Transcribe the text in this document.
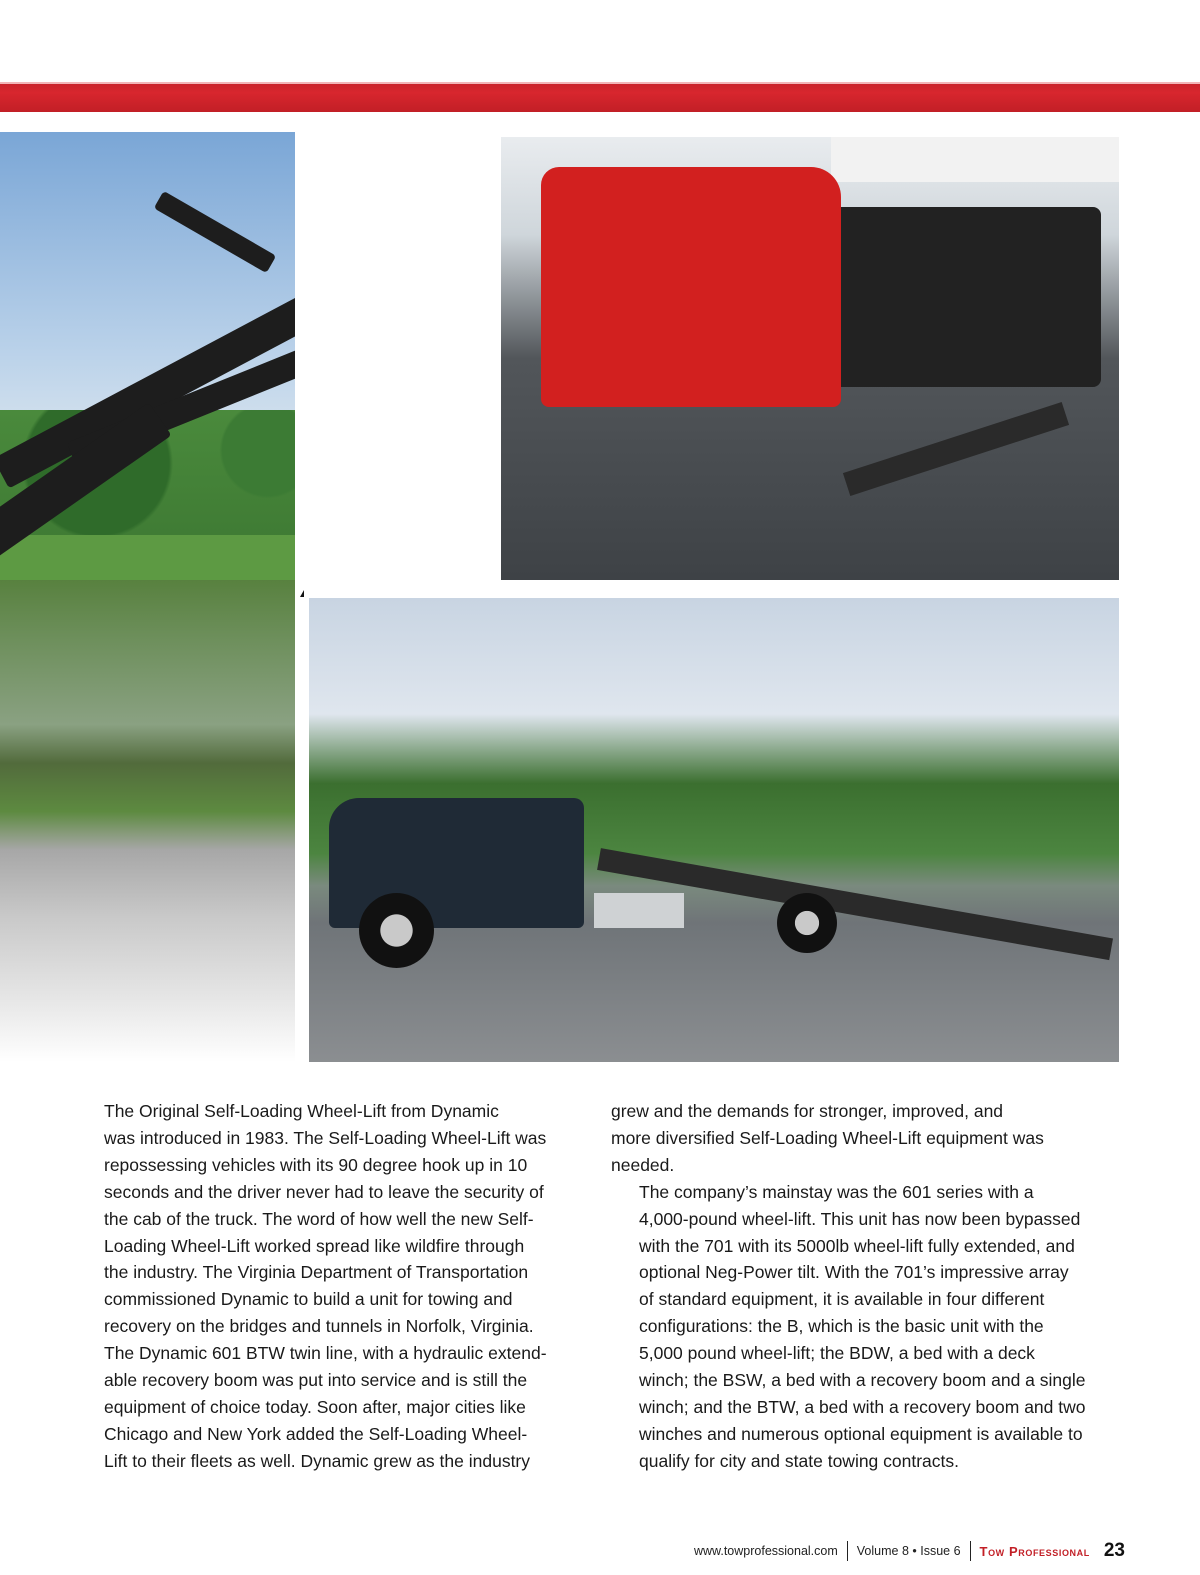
The Original Self-Loading Wheel-Lift from Dynamic
was introduced in 1983. The Self-Loading Wheel-Lift was
repossessing vehicles with its 90 degree hook up in 10
seconds and the driver never had to leave the security of
the cab of the truck. The word of how well the new Self-
Loading Wheel-Lift worked spread like wildfire through
the industry. The Virginia Department of Transportation
commissioned Dynamic to build a unit for towing and
recovery on the bridges and tunnels in Norfolk, Virginia.
The Dynamic 601 BTW twin line, with a hydraulic extend-
able recovery boom was put into service and is still the
equipment of choice today. Soon after, major cities like
Chicago and New York added the Self-Loading Wheel-
Lift to their fleets as well. Dynamic grew as the industry

grew and the demands for stronger, improved, and
more diversified Self-Loading Wheel-Lift equipment was
needed.

The company’s mainstay was the 601 series with a
4,000-pound wheel-lift. This unit has now been bypassed
with the 701 with its 5000lb wheel-lift fully extended, and
optional Neg-Power tilt. With the 701’s impressive array
of standard equipment, it is available in four different
configurations: the B, which is the basic unit with the
5,000 pound wheel-lift; the BDW, a bed with a deck
winch; the BSW, a bed with a recovery boom and a single
winch; and the BTW, a bed with a recovery boom and two
winches and numerous optional equipment is available to
qualify for city and state towing contracts.

www.towprofessional.com Volume 8 • Issue 6 Tow Professional 23
